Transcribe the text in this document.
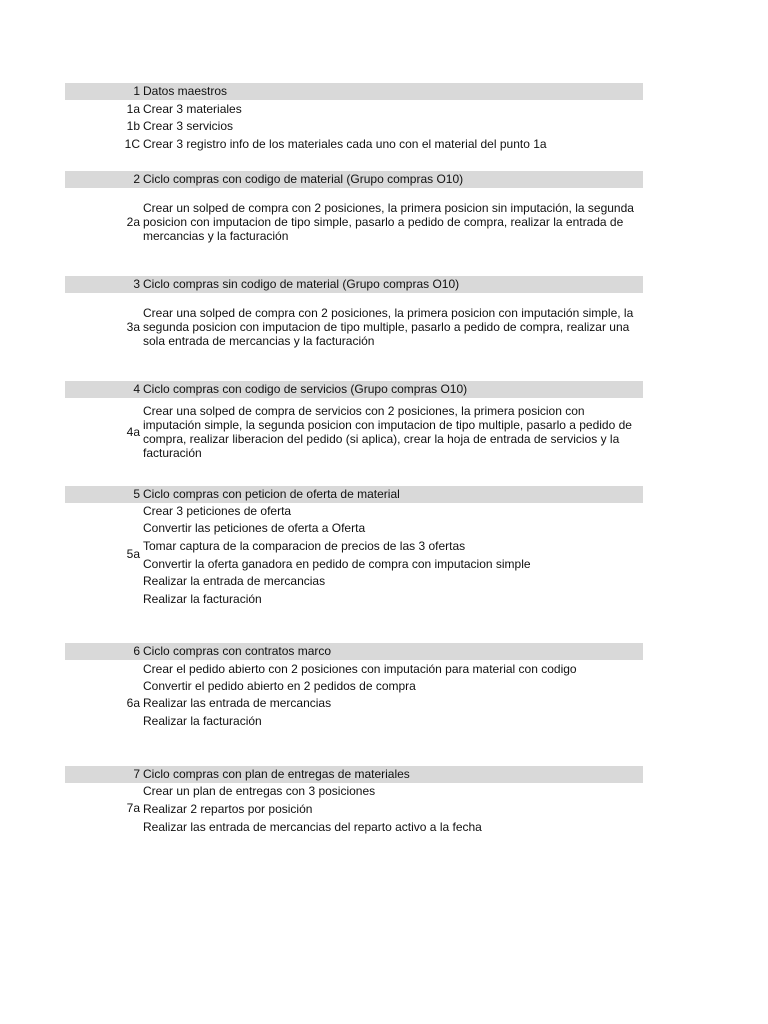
1 Datos maestros
1a Crear 3 materiales
1b Crear 3 servicios
1C Crear 3 registro info de los materiales cada uno con el material del punto 1a
2 Ciclo compras con codigo de material (Grupo compras O10)
2a
Crear un solped de compra con 2 posiciones, la primera posicion sin imputación, la segunda posicion con imputacion de tipo simple, pasarlo a pedido de compra, realizar la entrada de mercancias y la facturación
3 Ciclo compras sin codigo de material (Grupo compras O10)
3a
Crear una solped de compra con 2 posiciones, la primera posicion con imputación simple, la segunda posicion con imputacion de tipo multiple, pasarlo a pedido de compra, realizar una sola entrada de mercancias y la facturación
4 Ciclo compras con codigo de servicios (Grupo compras O10)
4a
Crear una solped de compra de servicios con 2 posiciones, la primera posicion con imputación simple, la segunda posicion con imputacion de tipo multiple, pasarlo a pedido de compra, realizar liberacion del pedido (si aplica), crear la hoja de entrada de servicios y la facturación
5 Ciclo compras con peticion de oferta de material
5a
Crear 3 peticiones de oferta
Convertir las peticiones de oferta a Oferta
Tomar captura de la comparacion de precios de las 3 ofertas
Convertir la oferta ganadora en pedido de compra con imputacion simple
Realizar la entrada de mercancias
Realizar la facturación
6 Ciclo compras con contratos marco
6a
Crear el pedido abierto con 2 posiciones con imputación para material con codigo
Convertir el pedido abierto en 2 pedidos de compra
Realizar las entrada de mercancias
Realizar la facturación
7 Ciclo compras con plan de entregas de materiales
7a
Crear un plan de entregas con 3 posiciones
Realizar 2 repartos por posición
Realizar las entrada de mercancias del reparto activo a la fecha
